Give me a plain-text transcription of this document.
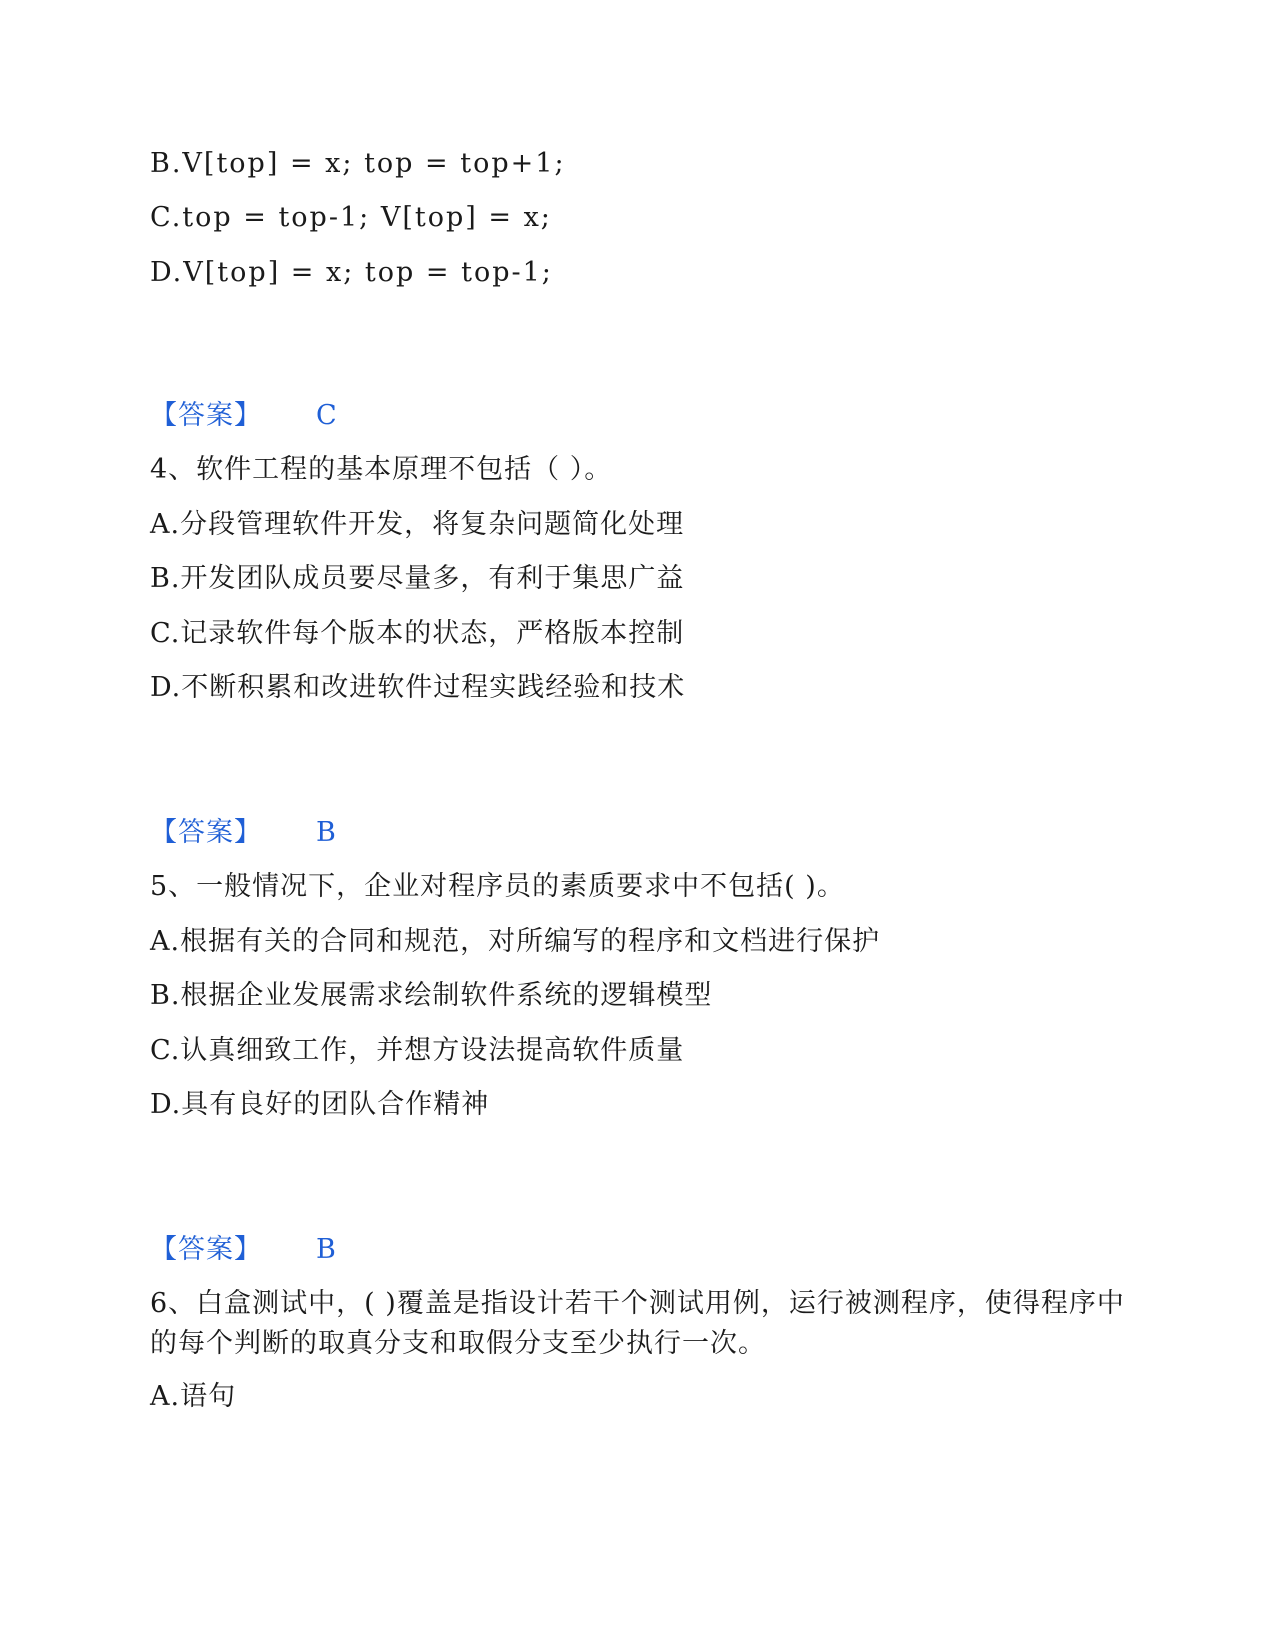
B.V[top] = x; top = top+1;
C.top = top-1; V[top] = x;
D.V[top] = x; top = top-1;
【答案】 C
4、软件工程的基本原理不包括（ ）。
A.分段管理软件开发，将复杂问题简化处理
B.开发团队成员要尽量多，有利于集思广益
C.记录软件每个版本的状态，严格版本控制
D.不断积累和改进软件过程实践经验和技术
【答案】 B
5、一般情况下，企业对程序员的素质要求中不包括( )。
A.根据有关的合同和规范，对所编写的程序和文档进行保护
B.根据企业发展需求绘制软件系统的逻辑模型
C.认真细致工作，并想方设法提高软件质量
D.具有良好的团队合作精神
【答案】 B
6、白盒测试中，( )覆盖是指设计若干个测试用例，运行被测程序，使得程序中的每个判断的取真分支和取假分支至少执行一次。
A.语句
